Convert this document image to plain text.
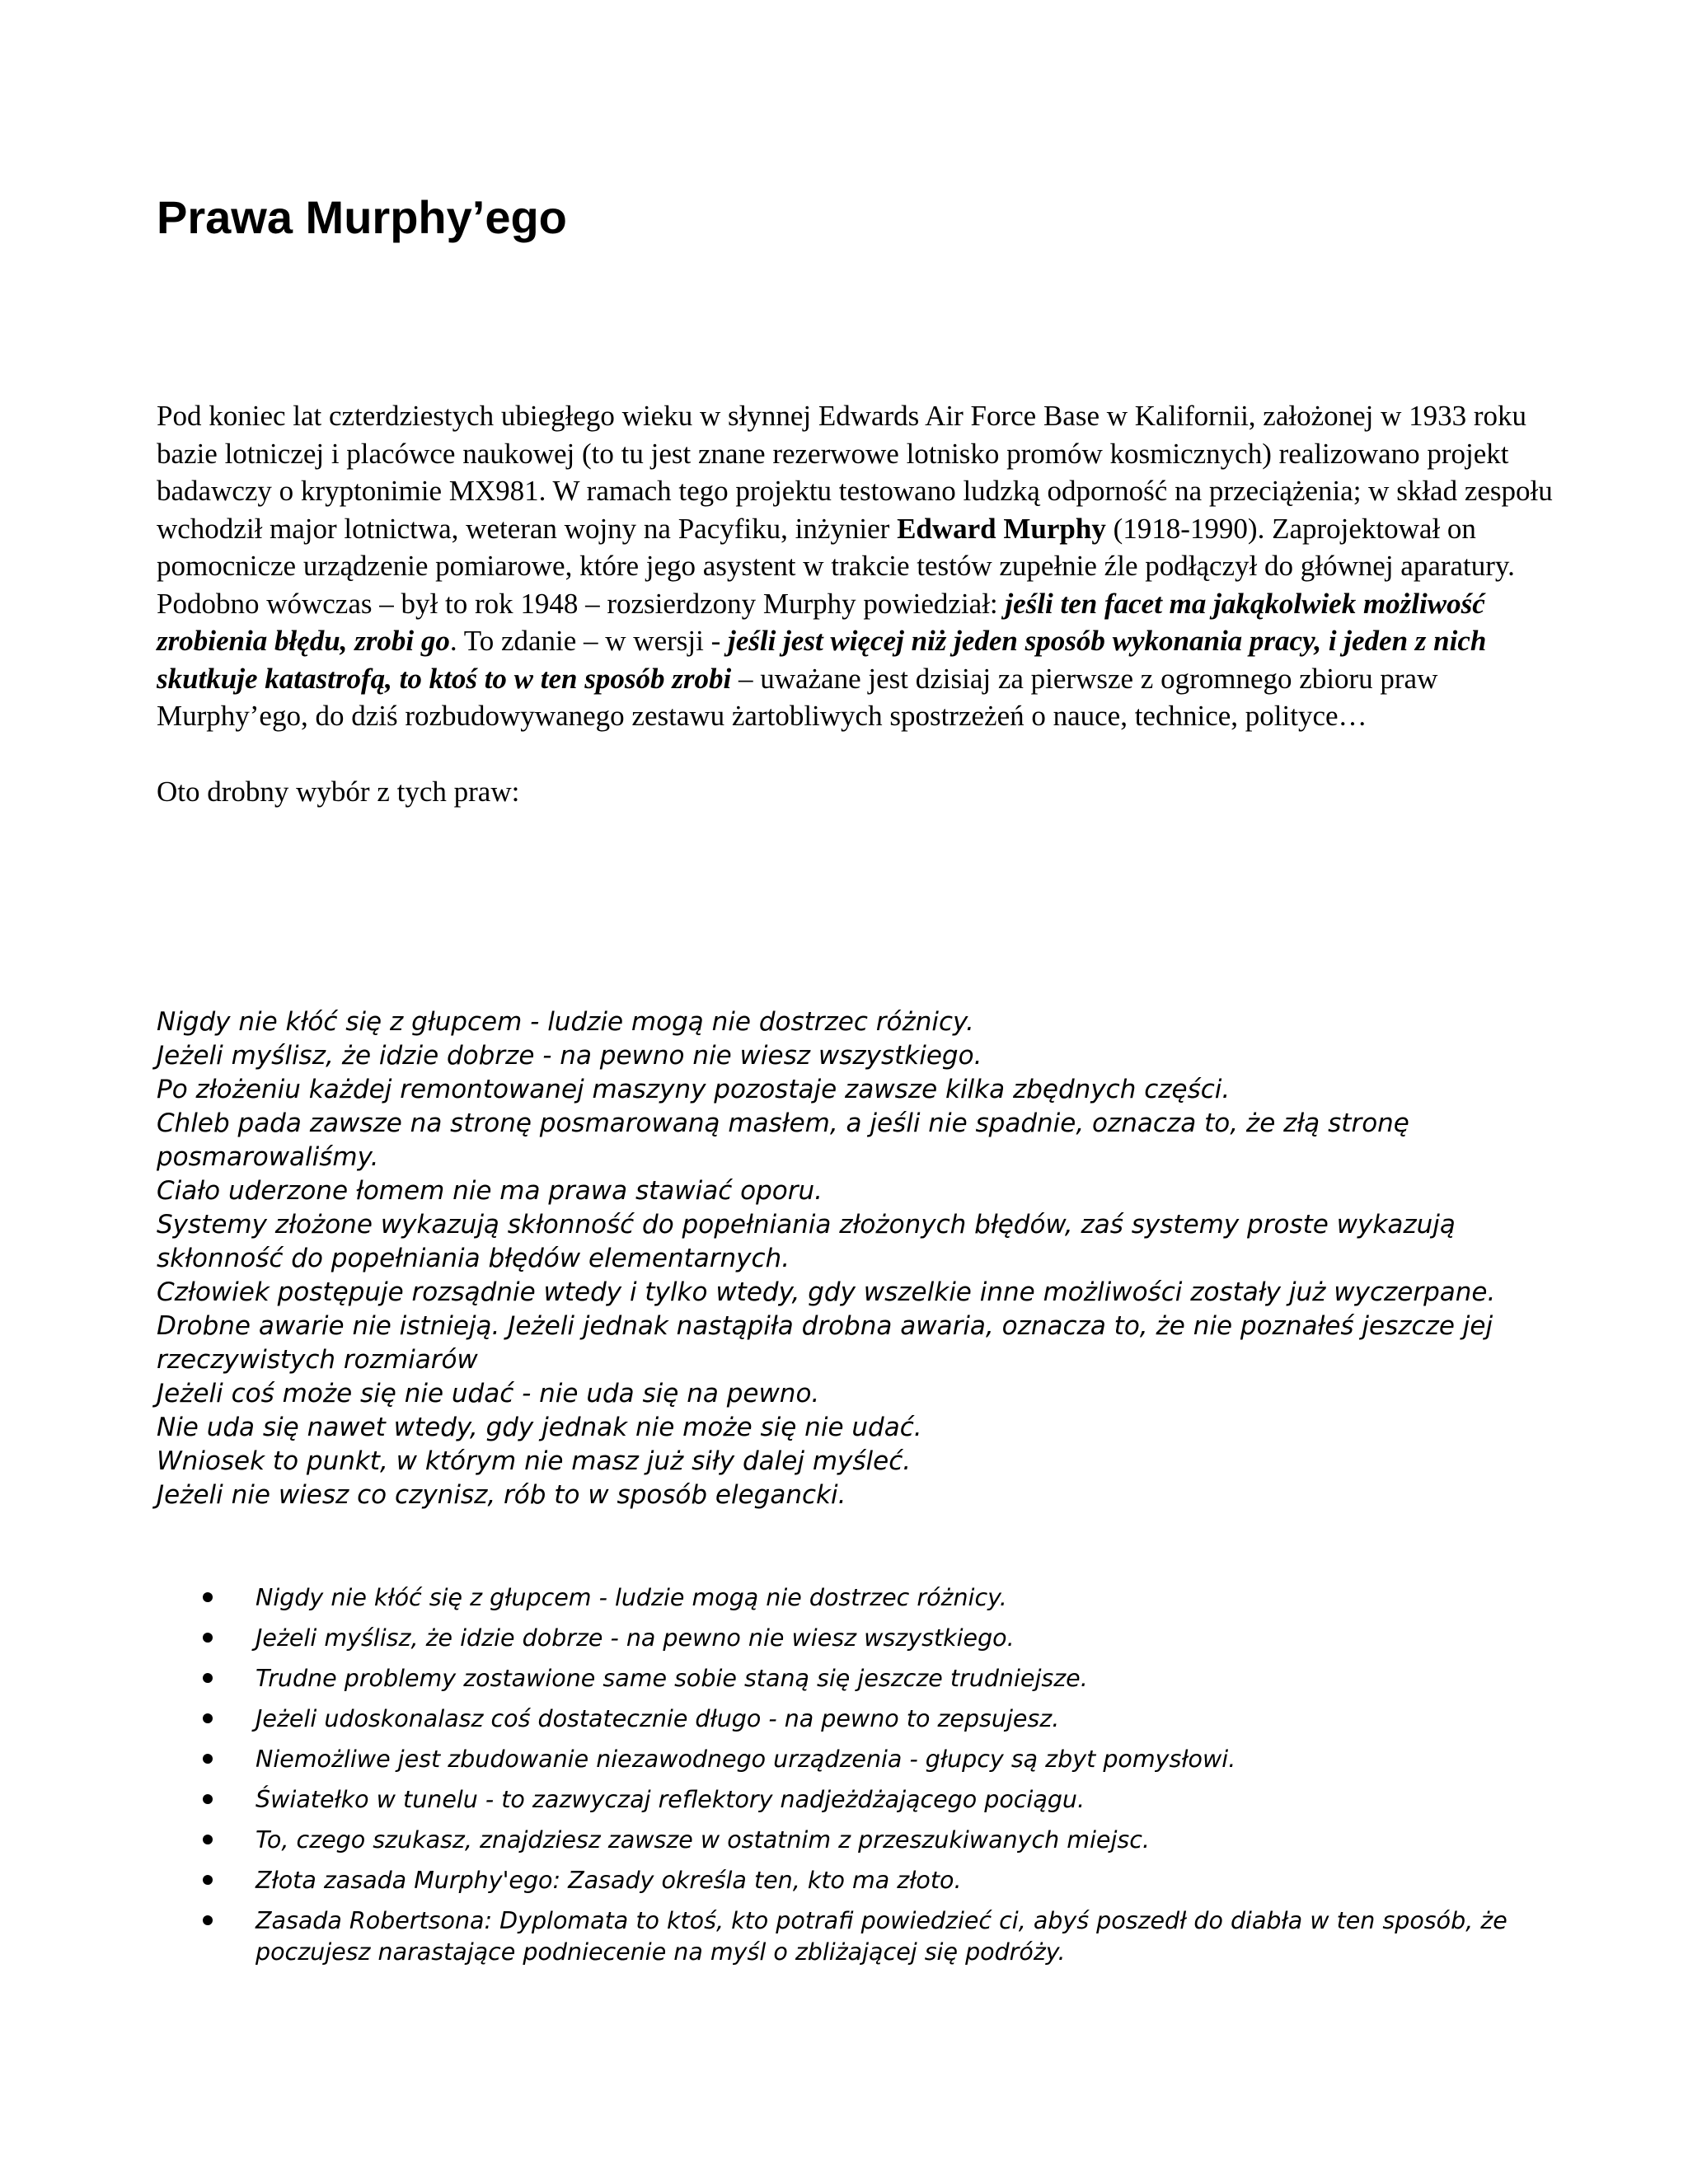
Prawa Murphy’ego

Pod koniec lat czterdziestych ubiegłego wieku w słynnej Edwards Air Force Base w Kalifornii, założonej w 1933 roku bazie lotniczej i placówce naukowej (to tu jest znane rezerwowe lotnisko promów kosmicznych) realizowano projekt badawczy o kryptonimie MX981. W ramach tego projektu testowano ludzką odporność na przeciążenia; w skład zespołu wchodził major lotnictwa, weteran wojny na Pacyfiku, inżynier Edward Murphy (1918-1990). Zaprojektował on pomocnicze urządzenie pomiarowe, które jego asystent w trakcie testów zupełnie źle podłączył do głównej aparatury. Podobno wówczas – był to rok 1948 – rozsierdzony Murphy powiedział: jeśli ten facet ma jakąkolwiek możliwość zrobienia błędu, zrobi go. To zdanie – w wersji - jeśli jest więcej niż jeden sposób wykonania pracy, i jeden z nich skutkuje katastrofą, to ktoś to w ten sposób zrobi – uważane jest dzisiaj za pierwsze z ogromnego zbioru praw Murphy’ego, do dziś rozbudowywanego zestawu żartobliwych spostrzeżeń o nauce, technice, polityce…

Oto drobny wybór z tych praw:

Nigdy nie kłóć się z głupcem - ludzie mogą nie dostrzec różnicy.
Jeżeli myślisz, że idzie dobrze - na pewno nie wiesz wszystkiego.
Po złożeniu każdej remontowanej maszyny pozostaje zawsze kilka zbędnych części.
Chleb pada zawsze na stronę posmarowaną masłem, a jeśli nie spadnie, oznacza to, że złą stronę posmarowaliśmy.
Ciało uderzone łomem nie ma prawa stawiać oporu.
Systemy złożone wykazują skłonność do popełniania złożonych błędów, zaś systemy proste wykazują skłonność do popełniania błędów elementarnych.
Człowiek postępuje rozsądnie wtedy i tylko wtedy, gdy wszelkie inne możliwości zostały już wyczerpane.
Drobne awarie nie istnieją. Jeżeli jednak nastąpiła drobna awaria, oznacza to, że nie poznałeś jeszcze jej rzeczywistych rozmiarów
Jeżeli coś może się nie udać - nie uda się na pewno.
Nie uda się nawet wtedy, gdy jednak nie może się nie udać.
Wniosek to punkt, w którym nie masz już siły dalej myśleć.
Jeżeli nie wiesz co czynisz, rób to w sposób elegancki.
Nigdy nie kłóć się z głupcem - ludzie mogą nie dostrzec różnicy.
Jeżeli myślisz, że idzie dobrze - na pewno nie wiesz wszystkiego.
Trudne problemy zostawione same sobie staną się jeszcze trudniejsze.
Jeżeli udoskonalasz coś dostatecznie długo - na pewno to zepsujesz.
Niemożliwe jest zbudowanie niezawodnego urządzenia - głupcy są zbyt pomysłowi.
Światełko w tunelu - to zazwyczaj reflektory nadjeżdżającego pociągu.
To, czego szukasz, znajdziesz zawsze w ostatnim z przeszukiwanych miejsc.
Złota zasada Murphy'ego: Zasady określa ten, kto ma złoto.
Zasada Robertsona: Dyplomata to ktoś, kto potrafi powiedzieć ci, abyś poszedł do diabła w ten sposób, że poczujesz narastające podniecenie na myśl o zbliżającej się podróży.
